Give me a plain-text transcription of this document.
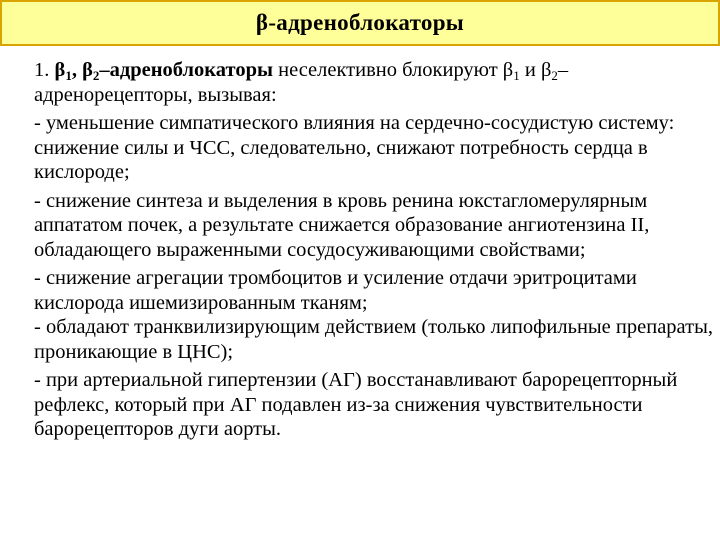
β-адреноблокаторы

1. $\beta_1$, $\beta_2$–адреноблокаторы неселективно блокируют $\beta_1$ и $\beta_2-$ адренорецепторы, вызывая:

- уменьшение симпатического влияния на сердечно-сосудистую систему: снижение силы и ЧСС, следовательно, снижают потребность сердца в кислороде;

- снижение синтеза и выделения в кровь ренина юкстагломерулярным аппататом почек, а результате снижается образование ангиотензина II, обладающего выраженными сосудосуживающими свойствами;

- снижение агрегации тромбоцитов и усиление отдачи эритроцитами кислорода ишемизированным тканям;

- обладают транквилизирующим действием (только липофильные препараты, проникающие в ЦНС);

- при артериальной гипертензии (АГ) восстанавливают барорецепторный рефлекс, который при АГ подавлен из-за снижения чувствительности барорецепторов дуги аорты.
